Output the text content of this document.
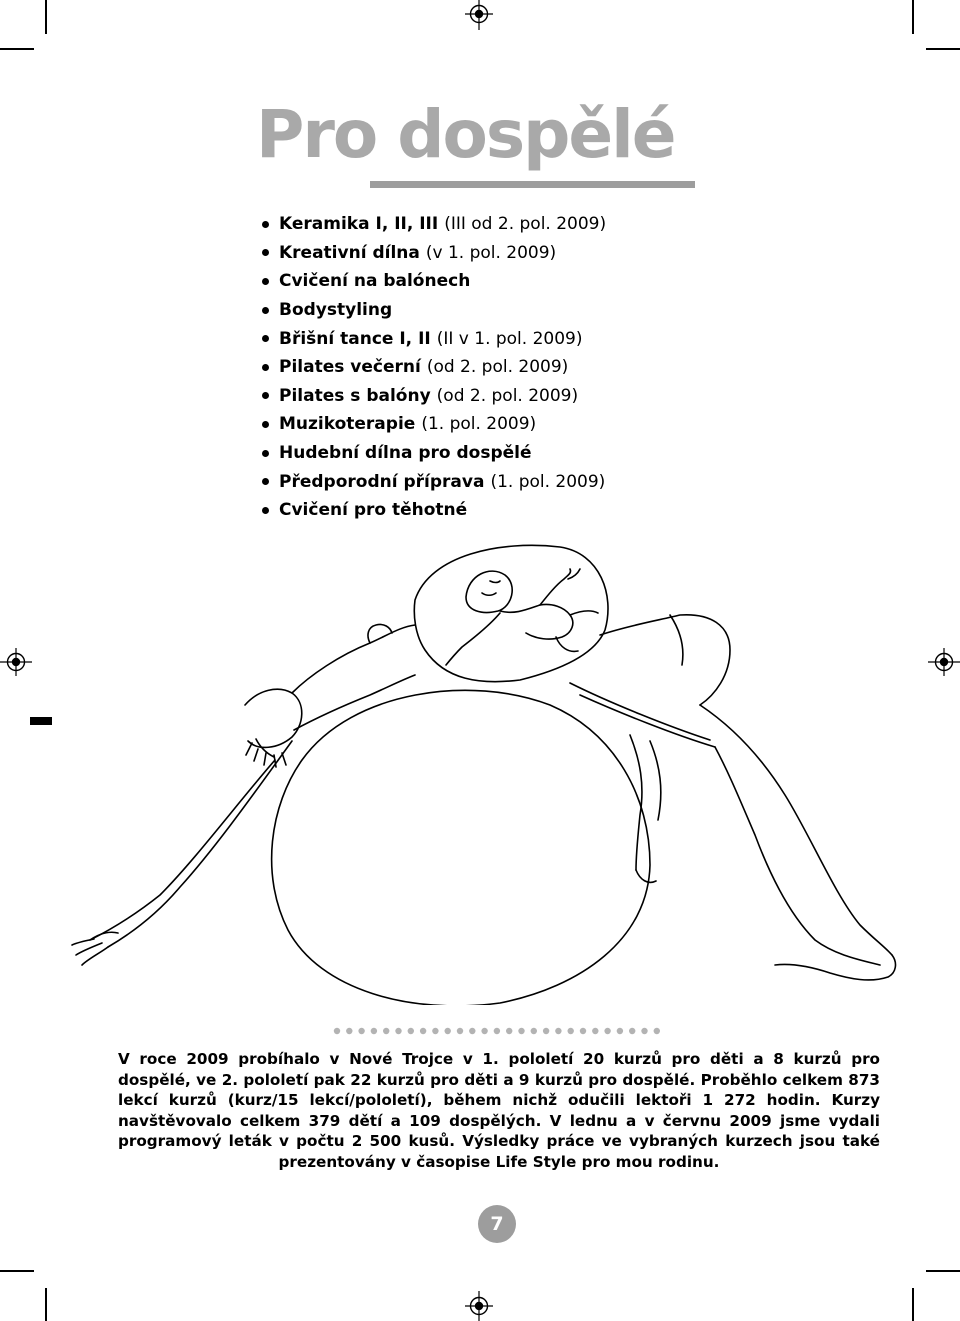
Pro dospělé
Keramika I, II, III (III od 2. pol. 2009)
Kreativní dílna (v 1. pol. 2009)
Cvičení na balónech
Bodystyling
Břišní tance I, II (II v 1. pol. 2009)
Pilates večerní (od 2. pol. 2009)
Pilates s balóny (od 2. pol. 2009)
Muzikoterapie (1. pol. 2009)
Hudební dílna pro dospělé
Předporodní příprava (1. pol. 2009)
Cvičení pro těhotné

V roce 2009 probíhalo v Nové Trojce v 1. pololetí 20 kurzů pro děti a 8 kurzů pro dospělé, ve 2. pololetí pak 22 kurzů pro děti a 9 kurzů pro dospělé. Proběhlo celkem 873 lekcí kurzů (kurz/15 lekcí/pololetí), během nichž odučili lektoři 1 272 hodin. Kurzy navštěvovalo celkem 379 dětí a 109 dospělých. V lednu a v červnu 2009 jsme vydali programový leták v počtu 2 500 kusů. Výsledky práce ve vybraných kurzech jsou také prezentovány v časopise Life Style pro mou rodinu.

7
